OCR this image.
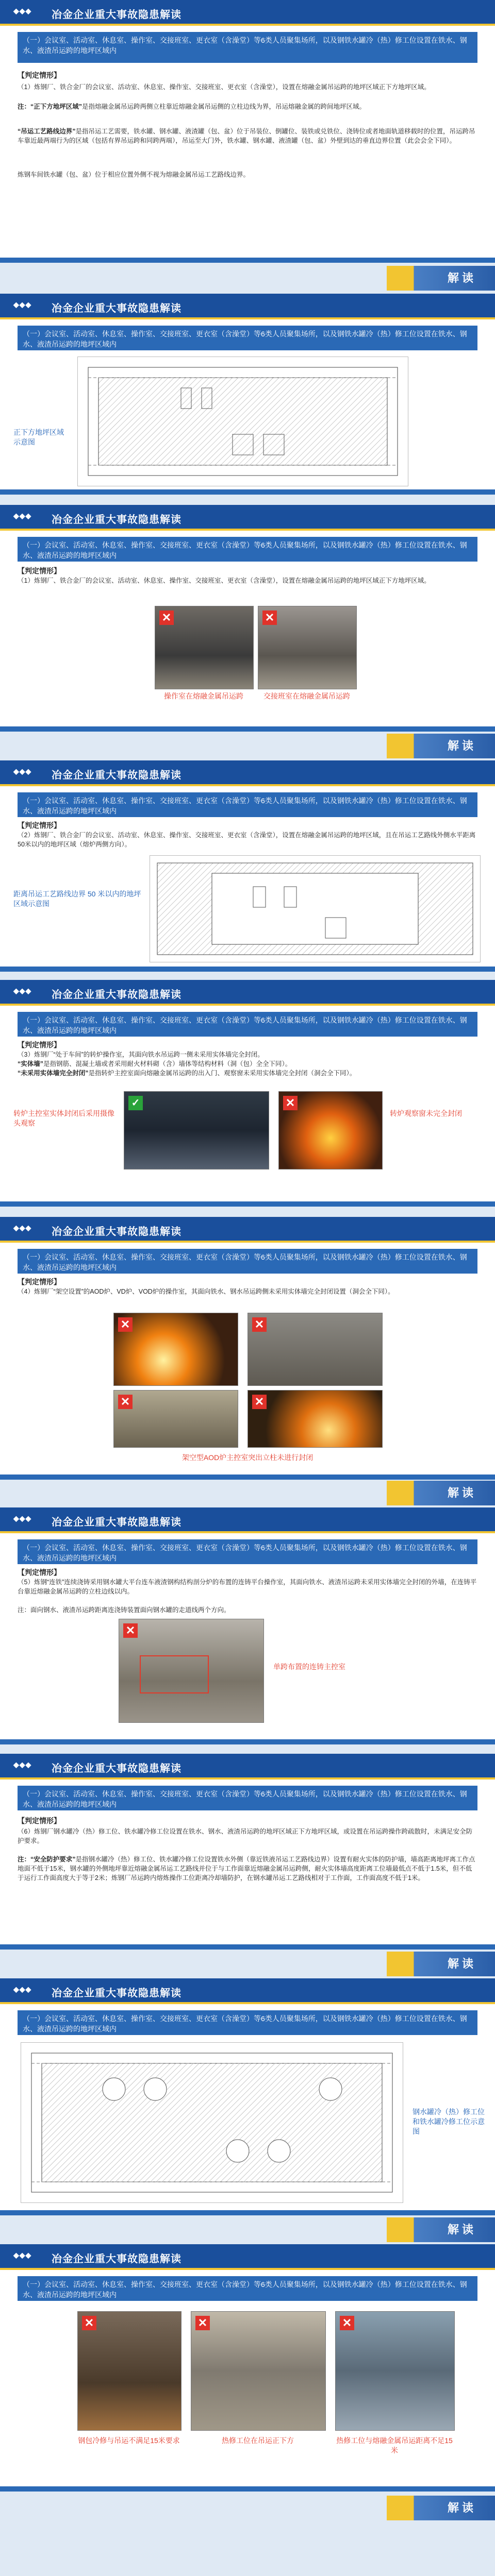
◆◆◆ 冶金企业重大事故隐患解读
（一）会议室、活动室、休息室、操作室、交接班室、更衣室（含澡堂）等6类人员聚集场所，以及钢铁水罐冷（热）修工位设置在铁水、钢水、液渣吊运跨的地坪区域内
【判定情形】
（1）炼钢厂、铁合金厂的会议室、活动室、休息室、操作室、交接班室、更衣室（含澡堂），设置在熔融金属吊运跨的地坪区域正下方地坪区域。
注：“正下方地坪区域”是指熔融金属吊运跨两侧立柱靠近熔融金属吊运侧的立柱边线为界，吊运熔融金属的跨间地坪区域。
“吊运工艺路线边界”是指吊运工艺需要，铁水罐、钢水罐、液渣罐（包、盆）位于吊装位、倒罐位、装铁或兑铁位、浇铸位或者地面轨道移载时的位置，吊运跨吊车靠近最两端行为的区域（包括有界吊运跨和同跨两端），吊运至大门外，铁水罐、钢水罐、液渣罐（包、盆）外壁到达的垂直边界位置（此会会全下同）。
炼钢车间铁水罐（包、盆）位于相应位置外侧不视为熔融金属吊运工艺路线边界。
解读
◆◆◆ 冶金企业重大事故隐患解读
（一）会议室、活动室、休息室、操作室、交接班室、更衣室（含澡堂）等6类人员聚集场所，以及钢铁水罐冷（热）修工位设置在铁水、钢水、液渣吊运跨的地坪区域内
正下方地坪区域示意图
◆◆◆ 冶金企业重大事故隐患解读
（一）会议室、活动室、休息室、操作室、交接班室、更衣室（含澡堂）等6类人员聚集场所，以及钢铁水罐冷（热）修工位设置在铁水、钢水、液渣吊运跨的地坪区域内
【判定情形】
（1）炼钢厂、铁合金厂的会议室、活动室、休息室、操作室、交接班室、更衣室（含澡堂），设置在熔融金属吊运跨的地坪区域正下方地坪区域。
✕	✕
操作室在熔融金属吊运跨	交接班室在熔融金属吊运跨
解读
◆◆◆ 冶金企业重大事故隐患解读
（一）会议室、活动室、休息室、操作室、交接班室、更衣室（含澡堂）等6类人员聚集场所，以及钢铁水罐冷（热）修工位设置在铁水、钢水、液渣吊运跨的地坪区域内
【判定情形】
（2）炼钢厂、铁合金厂的会议室、活动室、休息室、操作室、交接班室、更衣室（含澡堂），设置在熔融金属吊运跨的地坪区域，且在吊运工艺路线外侧水平距离50米以内的地坪区域（熔炉两侧方向）。
距离吊运工艺路线边界 50 米以内的地坪区域示意图
◆◆◆ 冶金企业重大事故隐患解读
（一）会议室、活动室、休息室、操作室、交接班室、更衣室（含澡堂）等6类人员聚集场所，以及钢铁水罐冷（热）修工位设置在铁水、钢水、液渣吊运跨的地坪区域内
【判定情形】
（3）炼钢厂“处于车间”的转炉操作室，其面向铁水吊运跨一侧未采用实体墙完全封闭。
“实体墙”是指钢筋、混凝土墙或者采用耐火材料砌（含）墙体等结构材料（洞（包）全全下同）。
“未采用实体墙完全封闭”是指转炉主控室面向熔融金属吊运跨的出入门、观察窗未采用实体墙完全封闭（洞会全下同）。
✓	✕
转炉主控室实体封闭后采用摄像头观察
转炉观察窗未完全封闭
◆◆◆ 冶金企业重大事故隐患解读
（一）会议室、活动室、休息室、操作室、交接班室、更衣室（含澡堂）等6类人员聚集场所，以及钢铁水罐冷（热）修工位设置在铁水、钢水、液渣吊运跨的地坪区域内
【判定情形】
（4）炼钢厂“架空设置”的AOD炉、VD炉、VOD炉的操作室，其面向铁水、钢水吊运跨侧未采用实体墙完全封闭设置（洞会全下同）。
✕	✕
✕	✕
架空型AOD炉主控室突出立柱未进行封闭
解读
◆◆◆ 冶金企业重大事故隐患解读
（一）会议室、活动室、休息室、操作室、交接班室、更衣室（含澡堂）等6类人员聚集场所，以及钢铁水罐冷（热）修工位设置在铁水、钢水、液渣吊运跨的地坪区域内
【判定情形】
（5）炼钢“连铁”连续浇铸采用钢水罐大平台连车液渣钢构结构剖分炉的布置的连铸平台操作室，其面向铁水、液渣吊运跨未采用实体墙完全封闭的外墙，在连铸平台靠近熔融金属吊运跨的立柱边线以内。
注：面向钢水、液渣吊运跨距离连浇铸装置面向钢水罐的走道线两个方向。
✕
单跨布置的连铸主控室
◆◆◆ 冶金企业重大事故隐患解读
（一）会议室、活动室、休息室、操作室、交接班室、更衣室（含澡堂）等6类人员聚集场所，以及钢铁水罐冷（热）修工位设置在铁水、钢水、液渣吊运跨的地坪区域内
【判定情形】
（6）炼钢厂钢水罐冷（热）修工位、铁水罐冷修工位设置在铁水、钢水、液渣吊运跨的地坪区域正下方地坪区域，或设置在吊运跨操作跨疏散时，未满足安全防护要求。
注：“安全防护要求”是指钢水罐冷（热）修工位、铁水罐冷修工位设置铁水外侧（靠近铁液吊运工艺路线边界）设置有耐火实体的防护墙，墙高距离地坪离工作点地面不低于15米，钢水罐的外侧地坪靠近熔融金属吊运工艺路线并位于与工作面靠近熔融金属吊运跨侧，耐火实体墙高度距离工位墙最低点不低于1.5米，但不低于运行工作面高度大于等于2米；炼钢厂吊运跨内熔炼操作工位距离冷却墙防护，在钢水罐吊运工艺路线相对于工作面，工作面高度不低于1米。
解读
◆◆◆ 冶金企业重大事故隐患解读
（一）会议室、活动室、休息室、操作室、交接班室、更衣室（含澡堂）等6类人员聚集场所，以及钢铁水罐冷（热）修工位设置在铁水、钢水、液渣吊运跨的地坪区域内
钢水罐冷（热）修工位和铁水罐冷修工位示意图
解读
◆◆◆ 冶金企业重大事故隐患解读
（一）会议室、活动室、休息室、操作室、交接班室、更衣室（含澡堂）等6类人员聚集场所，以及钢铁水罐冷（热）修工位设置在铁水、钢水、液渣吊运跨的地坪区域内
✕	✕	✕
钢包冷修与吊运不满足15米要求	热修工位在吊运正下方	热修工位与熔融金属吊运距离不足15米
解读
